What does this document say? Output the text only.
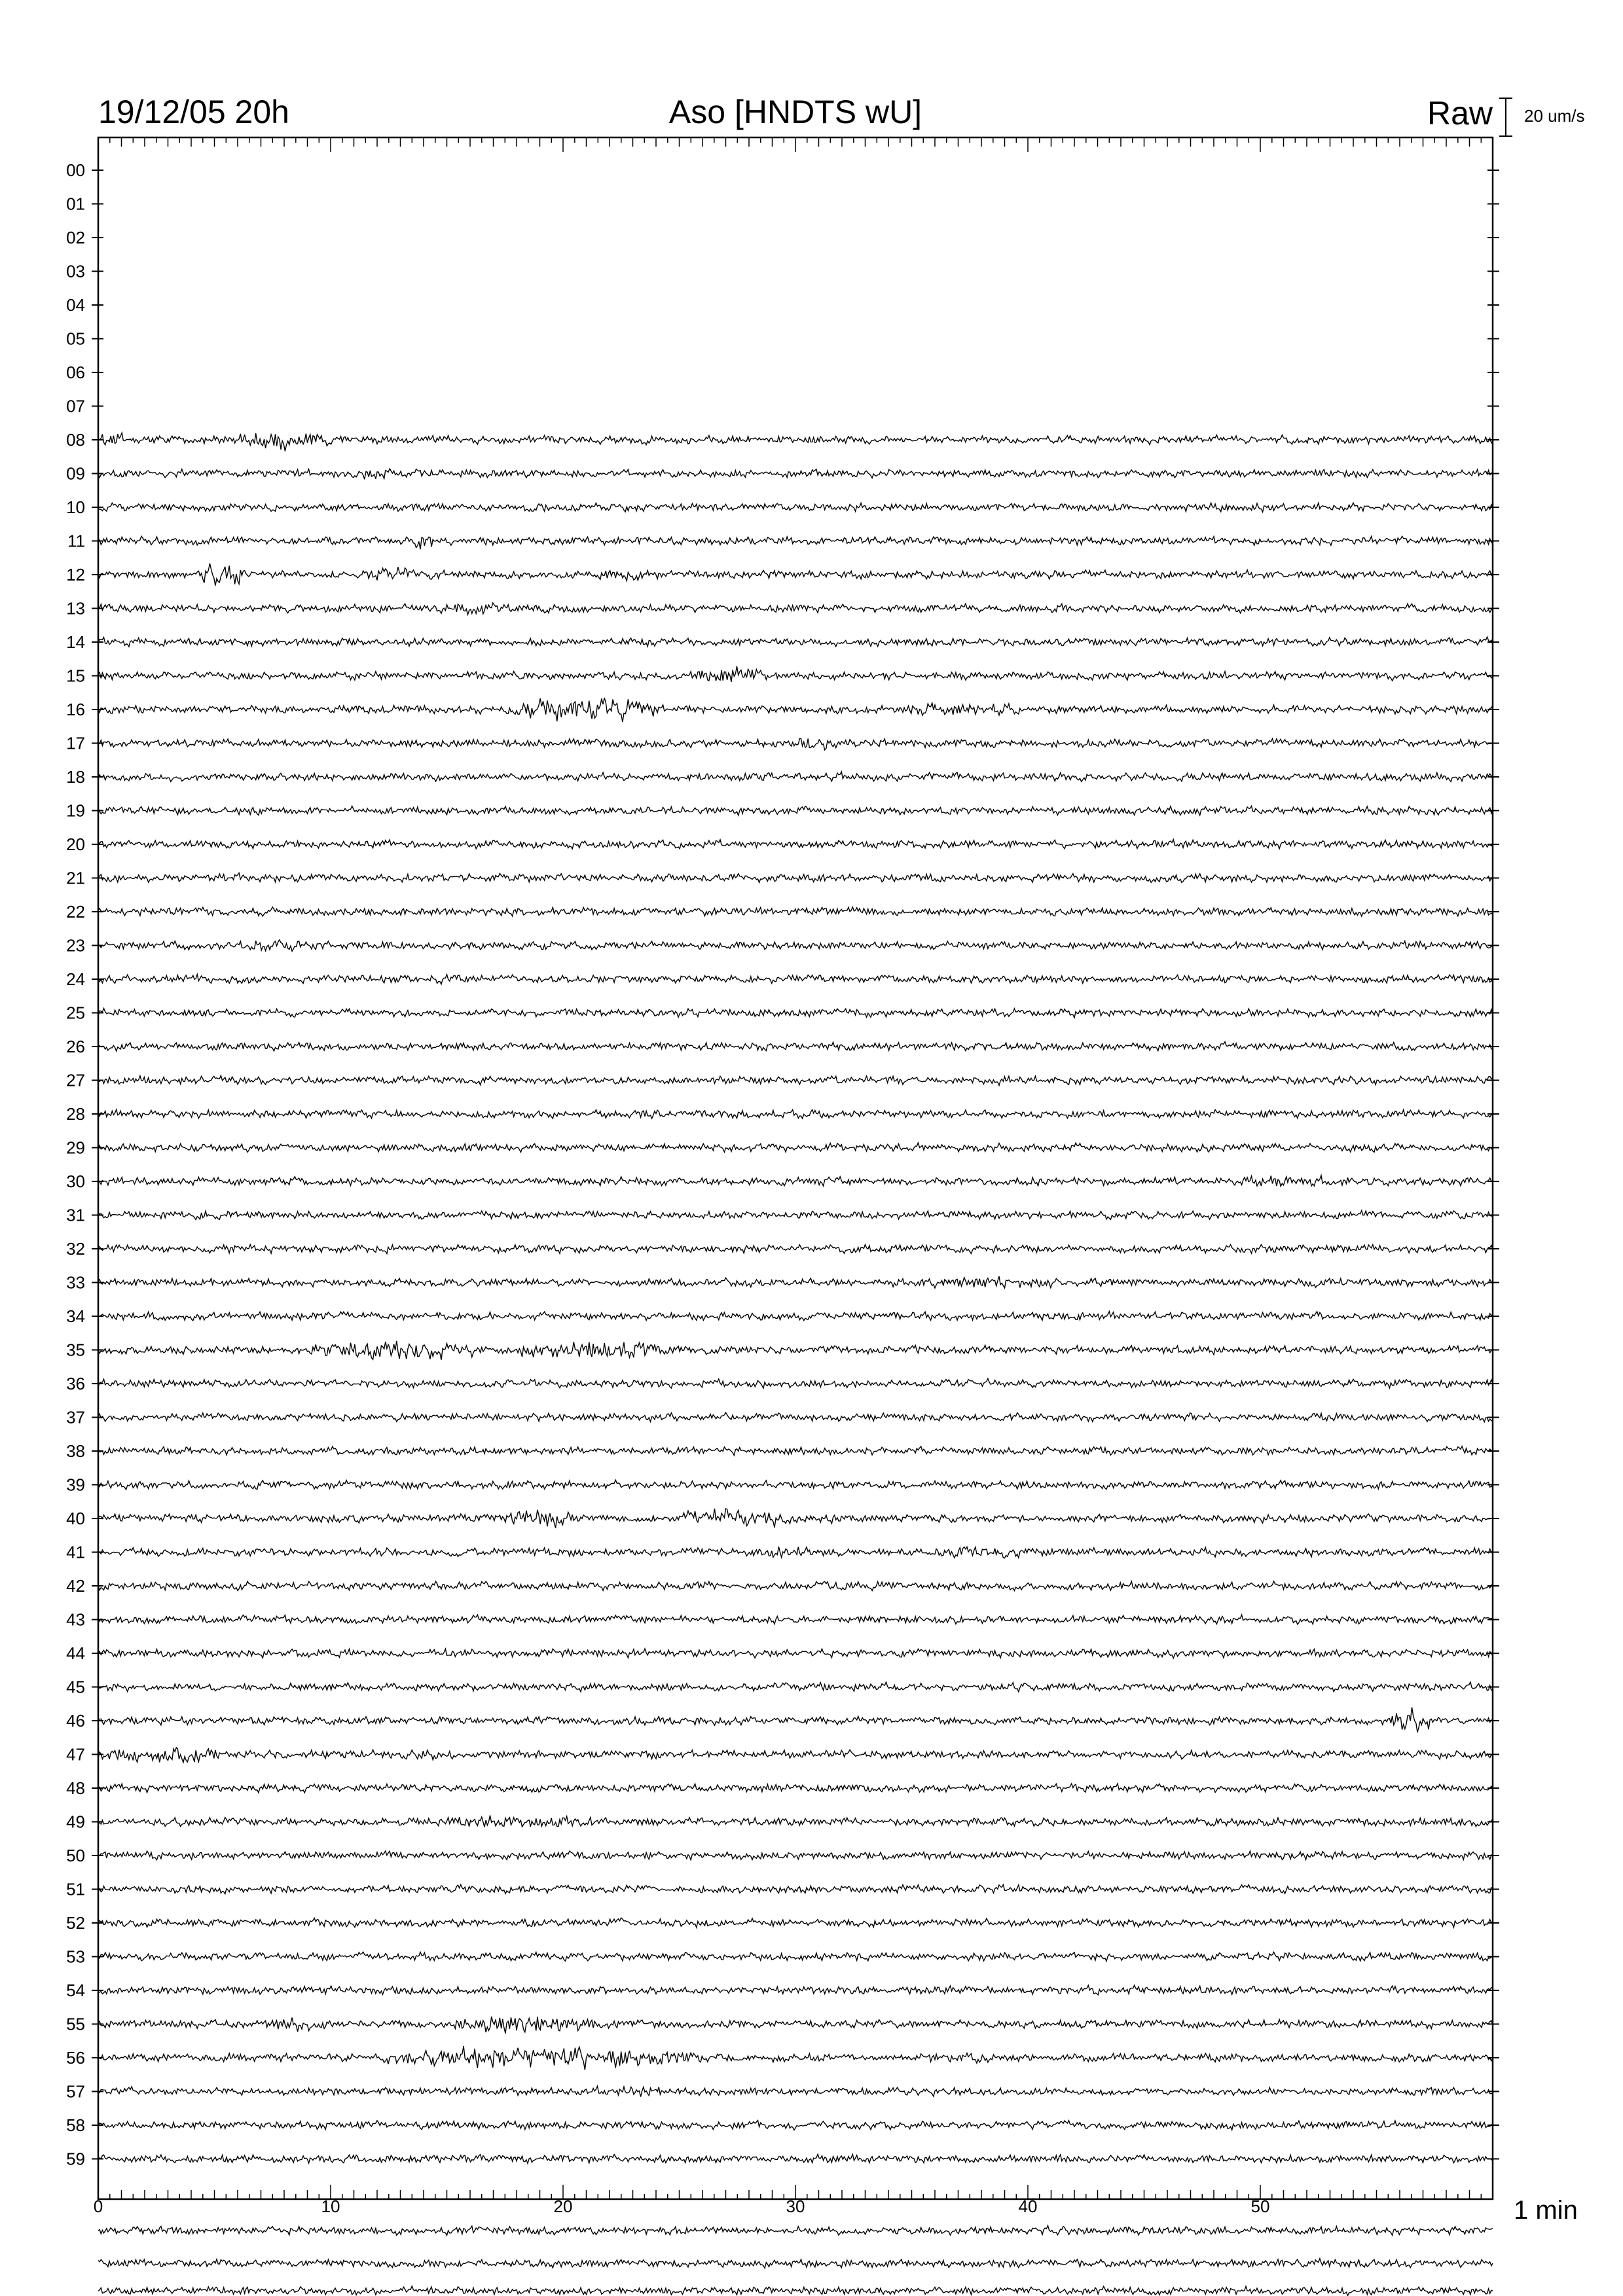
19/12/05 20h	Aso [HNDTS wU]	Raw 20 um/s
00
01
02
03
04
05
06
07
08
09
10
11
12
13
14
15
16
17
18
19
20
21
22
23
24
25
26
27
28
29
30
31
32
33
34
35
36
37
38
39
40
41
42
43
44
45
46
47
48
49
50
51
52
53
54
55
56
57
58
59
0	10	20	30	40	50	1 min
